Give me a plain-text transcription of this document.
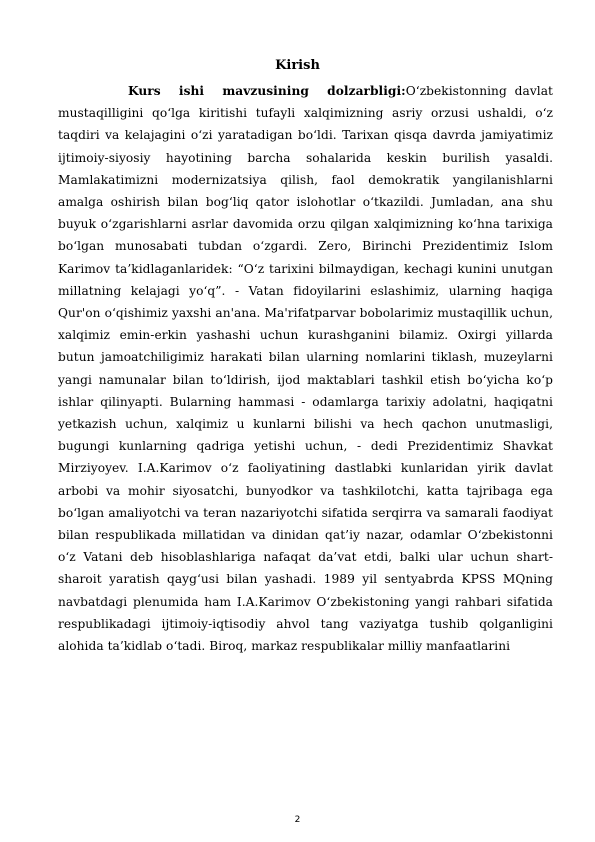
Kirish

Kurs ishi mavzusining dolzarbligi:O‘zbekistonning davlat mustaqilligini qo‘lga kiritishi tufayli xalqimizning asriy orzusi ushaldi, o‘z taqdiri va kelajagini o‘zi yaratadigan bo‘ldi. Tarixan qisqa davrda jamiyatimiz ijtimoiy-siyosiy hayotining barcha sohalarida keskin burilish yasaldi. Mamlakatimizni modernizatsiya qilish, faol demokratik yangilanishlarni amalga oshirish bilan bog‘liq qator islohotlar o‘tkazildi. Jumladan, ana shu buyuk o‘zgarishlarni asrlar davomida orzu qilgan xalqimizning ko‘hna tarixiga bo‘lgan munosabati tubdan o‘zgardi. Zero, Birinchi Prezidentimiz Islom Karimov ta’kidlaganlaridek: “O‘z tarixini bilmaydigan, kechagi kunini unutgan millatning kelajagi yo‘q”. - Vatan fidoyilarini eslashimiz, ularning haqiga Qur'on o‘qishimiz yaxshi an'ana. Ma'rifatparvar bobolarimiz mustaqillik uchun, xalqimiz emin-erkin yashashi uchun kurashganini bilamiz. Oxirgi yillarda butun jamoatchiligimiz harakati bilan ularning nomlarini tiklash, muzeylarni yangi namunalar bilan to‘ldirish, ijod maktablari tashkil etish bo‘yicha ko‘p ishlar qilinyapti. Bularning hammasi - odamlarga tarixiy adolatni, haqiqatni yetkazish uchun, xalqimiz u kunlarni bilishi va hech qachon unutmasligi, bugungi kunlarning qadriga yetishi uchun, - dedi Prezidentimiz Shavkat Mirziyoyev. I.A.Karimov o‘z faoliyatining dastlabki kunlaridan yirik davlat arbobi va mohir siyosatchi, bunyodkor va tashkilotchi, katta tajribaga ega bo‘lgan amaliyotchi va teran nazariyotchi sifatida serqirra va samarali faodiyat bilan respublikada millatidan va dinidan qat’iy nazar, odamlar O‘zbekistonni o‘z Vatani deb hisoblashlariga nafaqat da’vat etdi, balki ular uchun shart-sharoit yaratish qayg‘usi bilan yashadi. 1989 yil sentyabrda KPSS MQning navbatdagi plenumida ham I.A.Karimov O‘zbekistoning yangi rahbari sifatida respublikadagi ijtimoiy-iqtisodiy ahvol tang vaziyatga tushib qolganligini alohida ta’kidlab o‘tadi. Biroq, markaz respublikalar milliy manfaatlarini

2
